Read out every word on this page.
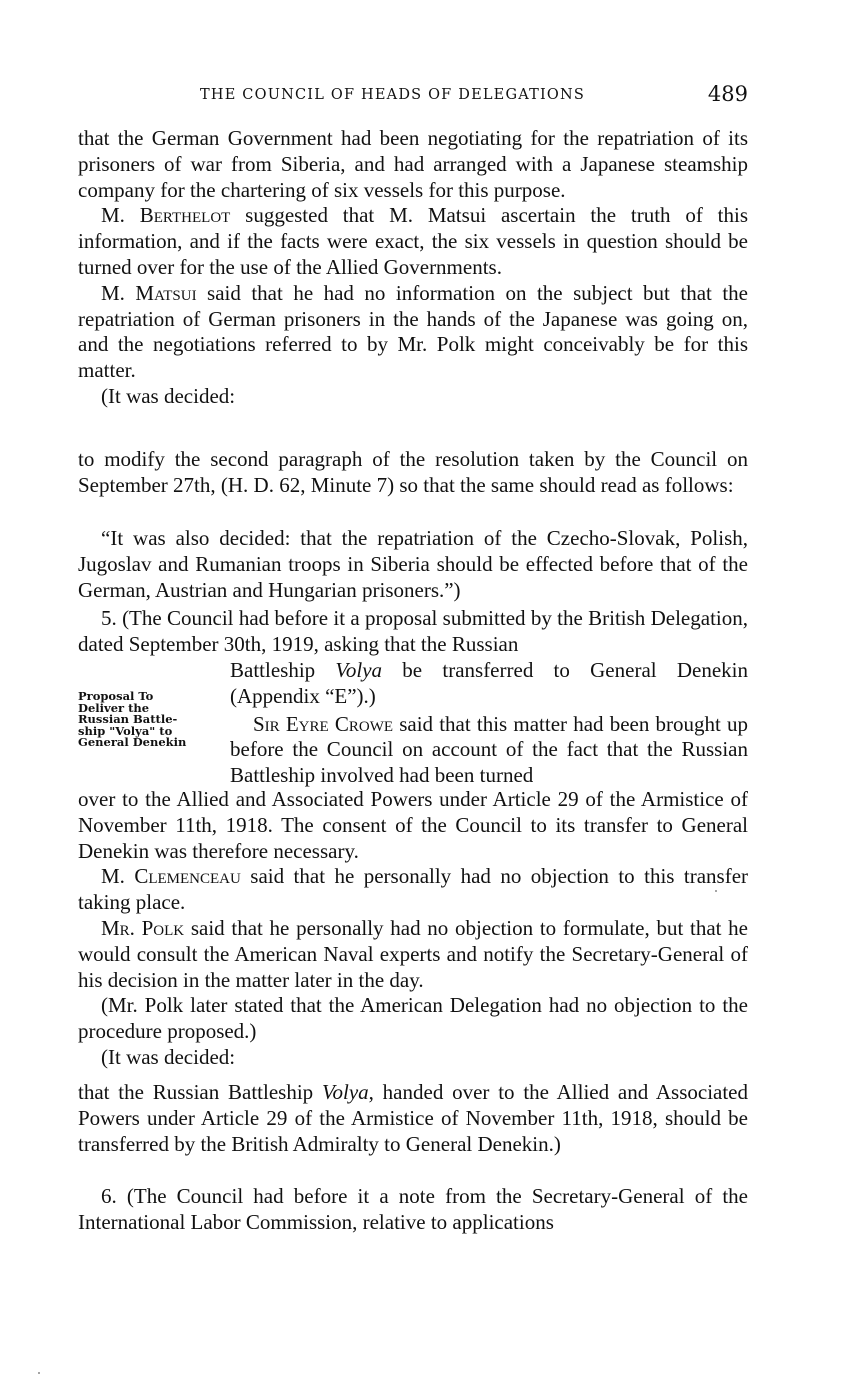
THE COUNCIL OF HEADS OF DELEGATIONS	489

that the German Government had been negotiating for the repatriation of its prisoners of war from Siberia, and had arranged with a Japanese steamship company for the chartering of six vessels for this purpose.

M. Berthelot suggested that M. Matsui ascertain the truth of this information, and if the facts were exact, the six vessels in question should be turned over for the use of the Allied Governments.

M. Matsui said that he had no information on the subject but that the repatriation of German prisoners in the hands of the Japanese was going on, and the negotiations referred to by Mr. Polk might conceivably be for this matter.

(It was decided:

to modify the second paragraph of the resolution taken by the Council on September 27th, (H. D. 62, Minute 7) so that the same should read as follows:

“It was also decided: that the repatriation of the Czecho-Slovak, Polish, Jugoslav and Rumanian troops in Siberia should be effected before that of the German, Austrian and Hungarian prisoners.”)

5. (The Council had before it a proposal submitted by the British Delegation, dated September 30th, 1919, asking that the Russian

Proposal To
Deliver the
Russian Battle-
ship "Volya" to
General Denekin

Battleship Volya be transferred to General Denekin (Appendix “E”).)

Sir Eyre Crowe said that this matter had been brought up before the Council on account of the fact that the Russian Battleship involved had been turned

over to the Allied and Associated Powers under Article 29 of the Armistice of November 11th, 1918. The consent of the Council to its transfer to General Denekin was therefore necessary.

M. Clemenceau said that he personally had no objection to this transfer taking place.

Mr. Polk said that he personally had no objection to formulate, but that he would consult the American Naval experts and notify the Secretary-General of his decision in the matter later in the day.

(Mr. Polk later stated that the American Delegation had no objection to the procedure proposed.)

(It was decided:

that the Russian Battleship Volya, handed over to the Allied and Associated Powers under Article 29 of the Armistice of November 11th, 1918, should be transferred by the British Admiralty to General Denekin.)

6. (The Council had before it a note from the Secretary-General of the International Labor Commission, relative to applications
